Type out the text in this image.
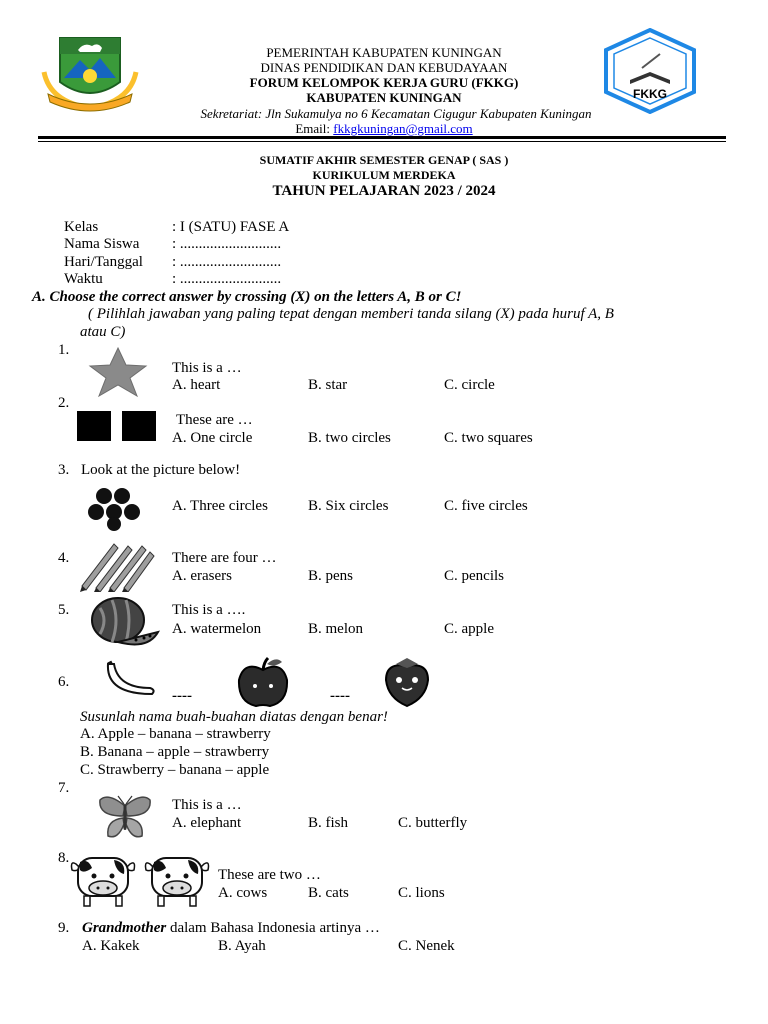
PEMERINTAH KABUPATEN KUNINGAN
DINAS PENDIDIKAN DAN KEBUDAYAAN
FORUM KELOMPOK KERJA GURU (FKKG)
KABUPATEN KUNINGAN
Sekretariat: Jln Sukamulya no 6 Kecamatan Cigugur Kabupaten Kuningan
Email: fkkgkuningan@gmail.com
FKKG
SUMATIF AKHIR SEMESTER GENAP ( SAS )
KURIKULUM MERDEKA
TAHUN PELAJARAN 2023 / 2024
Kelas	: I (SATU) FASE A
Nama Siswa : ...........................
Hari/Tanggal : ...........................
Waktu	: ...........................
A. Choose the correct answer by crossing (X) on the letters A, B or C!
( Pilihlah jawaban yang paling tepat dengan memberi tanda silang (X) pada huruf A, B
atau C)
1.
This is a …
A. heart	B. star	C. circle
2.
These are …
A. One circle	B. two circles	C. two squares
3. Look at the picture below!
A. Three circles	B. Six circles	C. five circles
4.	There are four …
A. erasers	B. pens	C. pencils
5.	This is a ….
A. watermelon	B. melon	C. apple
6.
----	----
Susunlah nama buah-buahan diatas dengan benar!
A. Apple – banana – strawberry
B. Banana – apple – strawberry
C. Strawberry – banana – apple
7.
This is a …
A. elephant	B. fish	C. butterfly
8.
These are two …
A. cows	B. cats	C. lions
9. Grandmother dalam Bahasa Indonesia artinya …
A. Kakek	B. Ayah	C. Nenek
